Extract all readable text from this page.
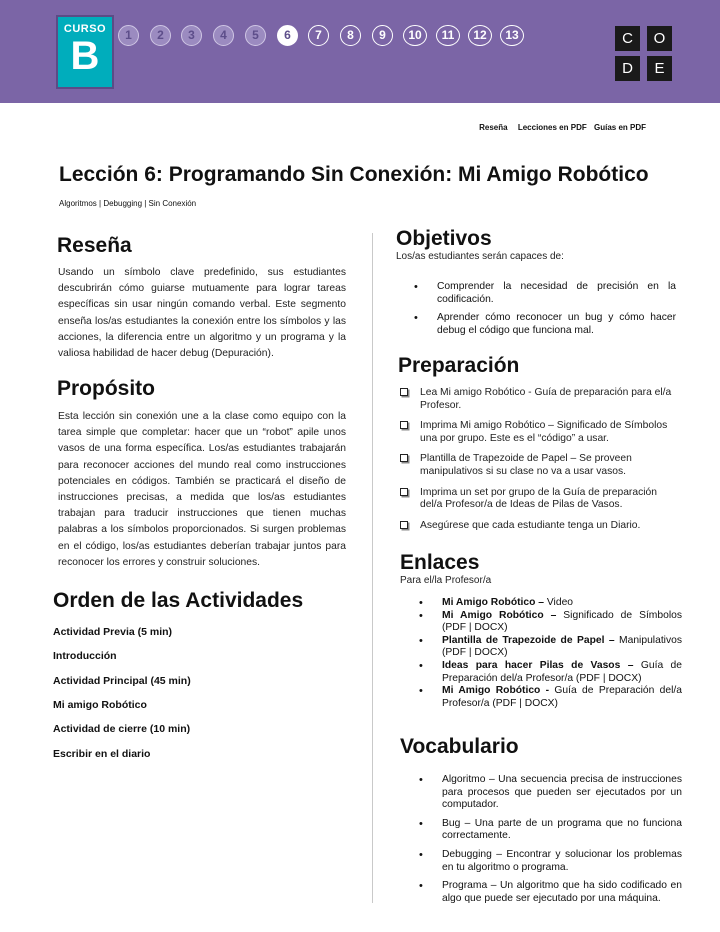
CURSO
B	1	2	3	4	5	6	7	8	9	10	11	12	13	C	O
D	E
Reseña Lecciones en PDF Guías en PDF
Lección 6: Programando Sin Conexión: Mi Amigo Robótico
Algoritmos | Debugging | Sin Conexión
Reseña

Usando un símbolo clave predefinido, sus estudiantes descubrirán cómo guiarse mutuamente para lograr tareas específicas sin usar ningún comando verbal. Este segmento enseña los/as estudiantes la conexión entre los símbolos y las acciones, la diferencia entre un algoritmo y un programa y la valiosa habilidad de hacer debug (Depuración).

Propósito

Esta lección sin conexión une a la clase como equipo con la tarea simple que completar: hacer que un “robot” apile unos vasos de una forma específica. Los/as estudiantes trabajarán para reconocer acciones del mundo real como instrucciones potenciales en códigos. También se practicará el diseño de instrucciones precisas, a medida que los/as estudiantes trabajan para traducir instrucciones que tienen muchas palabras a los símbolos proporcionados. Si surgen problemas en el código, los/as estudiantes deberían trabajar juntos para reconocer los errores y construir soluciones.

Orden de las Actividades
Actividad Previa (5 min)
Introducción
Actividad Principal (45 min)
Mi amigo Robótico
Actividad de cierre (10 min)
Escribir en el diario
Objetivos
Los/as estudiantes serán capaces de:
• Comprender la necesidad de precisión en la codificación.
• Aprender cómo reconocer un bug y cómo hacer debug el código que funciona mal.
Preparación
Lea Mi amigo Robótico - Guía de preparación para el/a Profesor.
Imprima Mi amigo Robótico – Significado de Símbolos una por grupo. Este es el “código” a usar.
Plantilla de Trapezoide de Papel – Se proveen manipulativos si su clase no va a usar vasos.
Imprima un set por grupo de la Guía de preparación del/a Profesor/a de Ideas de Pilas de Vasos.
Asegúrese que cada estudiante tenga un Diario.
Enlaces
Para el/la Profesor/a
• Mi Amigo Robótico – Video
• Mi Amigo Robótico – Significado de Símbolos (PDF | DOCX)
• Plantilla de Trapezoide de Papel – Manipulativos (PDF | DOCX)
• Ideas para hacer Pilas de Vasos – Guía de Preparación del/a Profesor/a (PDF | DOCX)
• Mi Amigo Robótico - Guía de Preparación del/a Profesor/a (PDF | DOCX)
Vocabulario
• Algoritmo – Una secuencia precisa de instrucciones para procesos que pueden ser ejecutados por un computador.
• Bug – Una parte de un programa que no funciona correctamente.
• Debugging – Encontrar y solucionar los problemas en tu algoritmo o programa.
• Programa – Un algoritmo que ha sido codificado en algo que puede ser ejecutado por una máquina.
